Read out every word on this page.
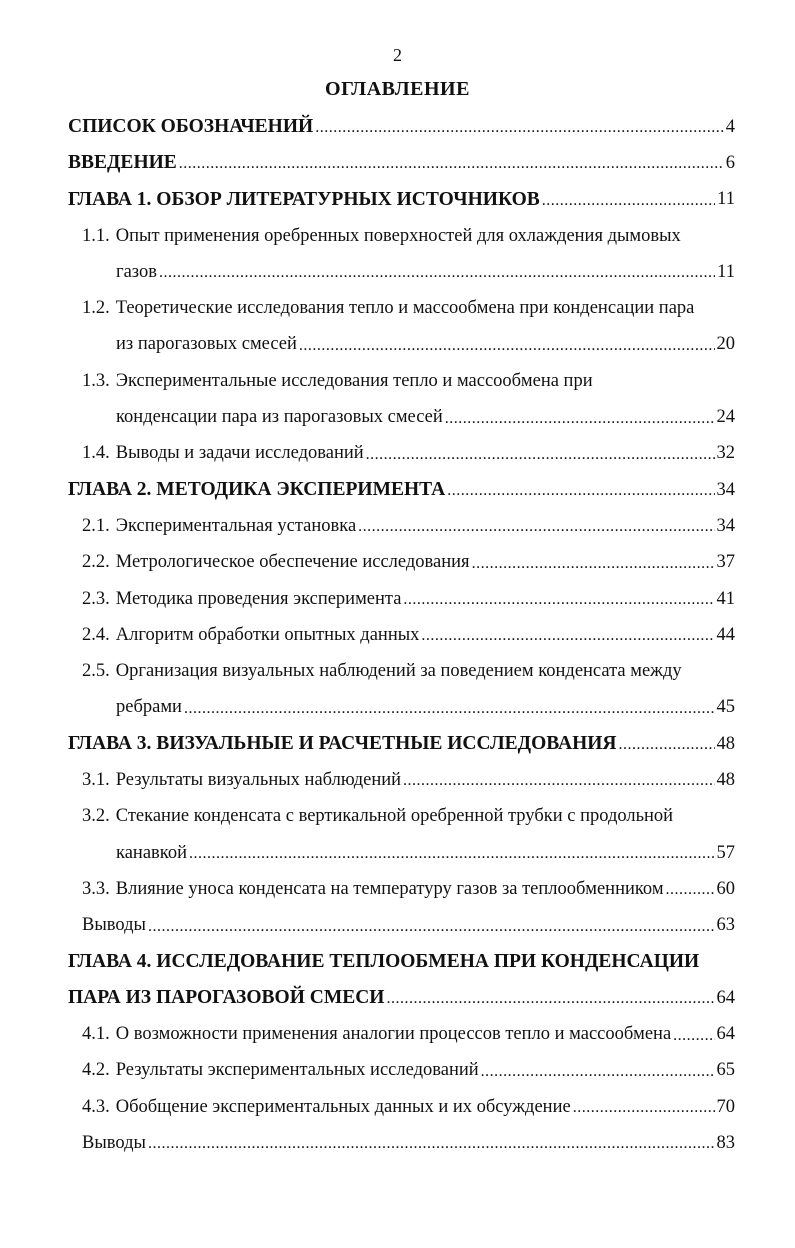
2
ОГЛАВЛЕНИЕ
СПИСОК ОБОЗНАЧЕНИЙ .....	4
ВВЕДЕНИЕ .....	6
ГЛАВА 1. ОБЗОР ЛИТЕРАТУРНЫХ ИСТОЧНИКОВ .....	11
1.1. Опыт применения оребренных поверхностей для охлаждения дымовых
газов .....	11
1.2. Теоретические исследования тепло и массообмена при конденсации пара
из парогазовых смесей .....	20
1.3. Экспериментальные исследования тепло и массообмена при
конденсации пара из парогазовых смесей .....	24
1.4. Выводы и задачи исследований .....	32
ГЛАВА 2. МЕТОДИКА ЭКСПЕРИМЕНТА .....	34
2.1. Экспериментальная установка .....	34
2.2. Метрологическое обеспечение исследования .....	37
2.3. Методика проведения эксперимента .....	41
2.4. Алгоритм обработки опытных данных .....	44
2.5. Организация визуальных наблюдений за поведением конденсата между
ребрами .....	45
ГЛАВА 3. ВИЗУАЛЬНЫЕ И РАСЧЕТНЫЕ ИССЛЕДОВАНИЯ .....	48
3.1. Результаты визуальных наблюдений .....	48
3.2. Стекание конденсата с вертикальной оребренной трубки с продольной
канавкой .....	57
3.3. Влияние уноса конденсата на температуру газов за теплообменником .....	60
Выводы .....	63
ГЛАВА 4. ИССЛЕДОВАНИЕ ТЕПЛООБМЕНА ПРИ КОНДЕНСАЦИИ
ПАРА ИЗ ПАРОГАЗОВОЙ СМЕСИ .....	64
4.1. О возможности применения аналогии процессов тепло и массообмена ..... 64
4.2. Результаты экспериментальных исследований .....	65
4.3. Обобщение экспериментальных данных и их обсуждение .....	70
Выводы .....	83
